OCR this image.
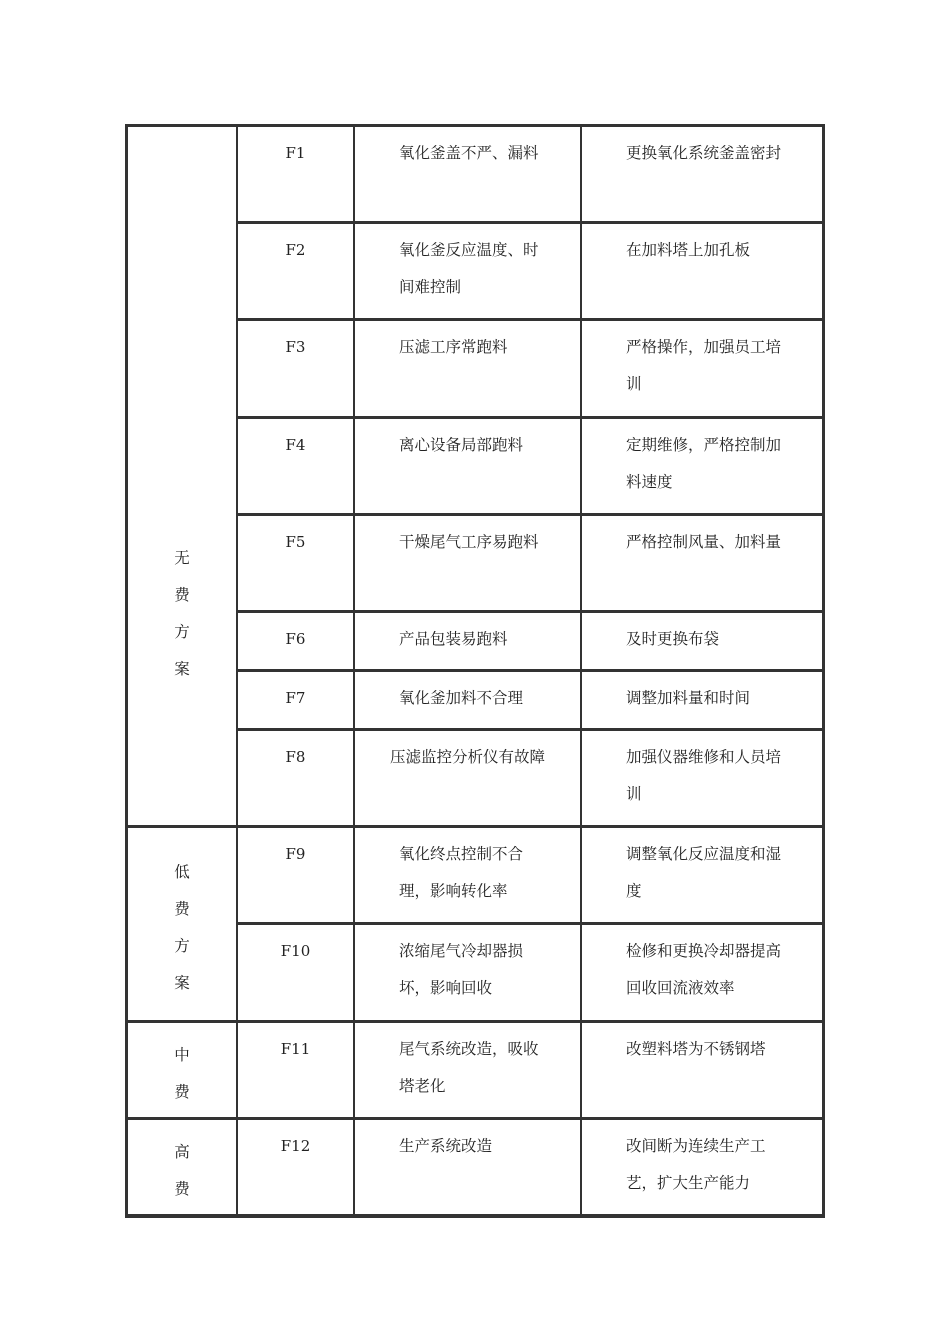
无
费
方
案	F1	氧化釜盖不严、漏料	更换氧化系统釜盖密封
	F2	氧化釜反应温度、时间难控制	在加料塔上加孔板
	F3	压滤工序常跑料	严格操作，加强员工培训
	F4	离心设备局部跑料	定期维修，严格控制加料速度
	F5	干燥尾气工序易跑料	严格控制风量、加料量
	F6	产品包装易跑料	及时更换布袋
	F7	氧化釜加料不合理	调整加料量和时间
	F8	压滤监控分析仪有故障	加强仪器维修和人员培训

低
费
方
案	F9	氧化终点控制不合理，影响转化率	调整氧化反应温度和湿度
	F10	浓缩尾气冷却器损坏，影响回收	检修和更换冷却器提高回收回流液效率

中
费	F11	尾气系统改造，吸收塔老化	改塑料塔为不锈钢塔

高
费	F12	生产系统改造	改间断为连续生产工艺，扩大生产能力
